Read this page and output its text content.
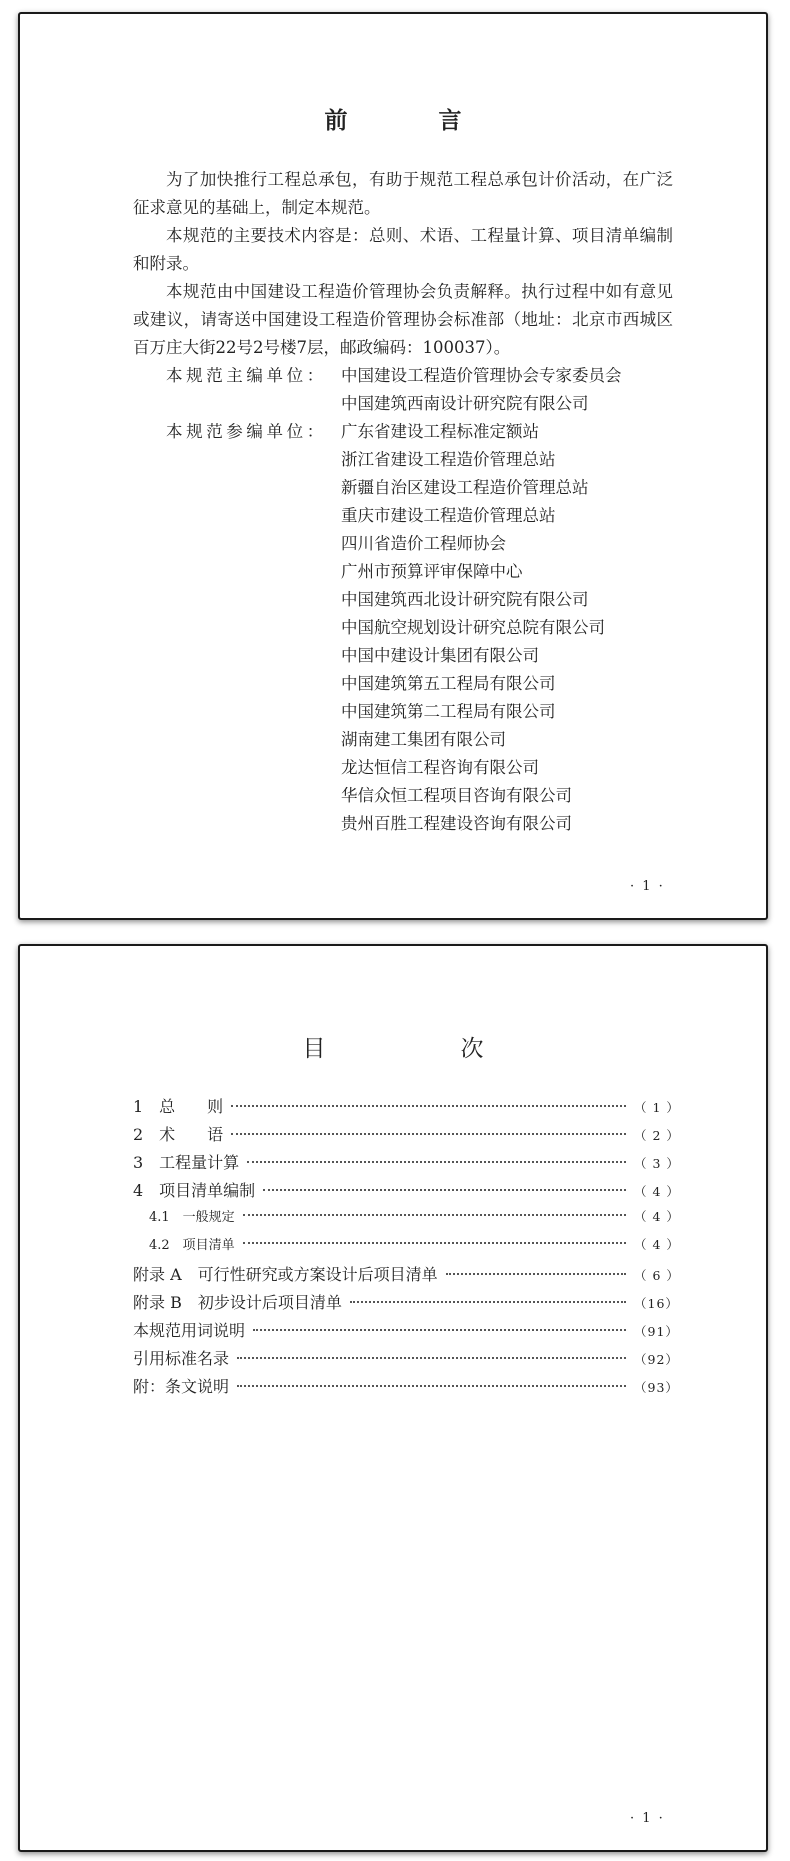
前　言

为了加快推行工程总承包，有助于规范工程总承包计价活动，在广泛征求意见的基础上，制定本规范。

本规范的主要技术内容是：总则、术语、工程量计算、项目清单编制和附录。

本规范由中国建设工程造价管理协会负责解释。执行过程中如有意见或建议，请寄送中国建设工程造价管理协会标准部（地址：北京市西城区百万庄大街22号2号楼7层，邮政编码：100037）。

本规范主编单位： 中国建设工程造价管理协会专家委员会
中国建筑西南设计研究院有限公司
本规范参编单位： 广东省建设工程标准定额站
浙江省建设工程造价管理总站
新疆自治区建设工程造价管理总站
重庆市建设工程造价管理总站
四川省造价工程师协会
广州市预算评审保障中心
中国建筑西北设计研究院有限公司
中国航空规划设计研究总院有限公司
中国中建设计集团有限公司
中国建筑第五工程局有限公司
中国建筑第二工程局有限公司
湖南建工集团有限公司
龙达恒信工程咨询有限公司
华信众恒工程项目咨询有限公司
贵州百胜工程建设咨询有限公司
· 1 ·
目　次
1　总　　则	（ 1 ）
2　术　　语	（ 2 ）
3　工程量计算	（ 3 ）
4　项目清单编制	（ 4 ）
4.1　一般规定	（ 4 ）
4.2　项目清单	（ 4 ）
附录 A　可行性研究或方案设计后项目清单	（ 6 ）
附录 B　初步设计后项目清单	（16）
本规范用词说明	（91）
引用标准名录	（92）
附：条文说明	（93）
· 1 ·
